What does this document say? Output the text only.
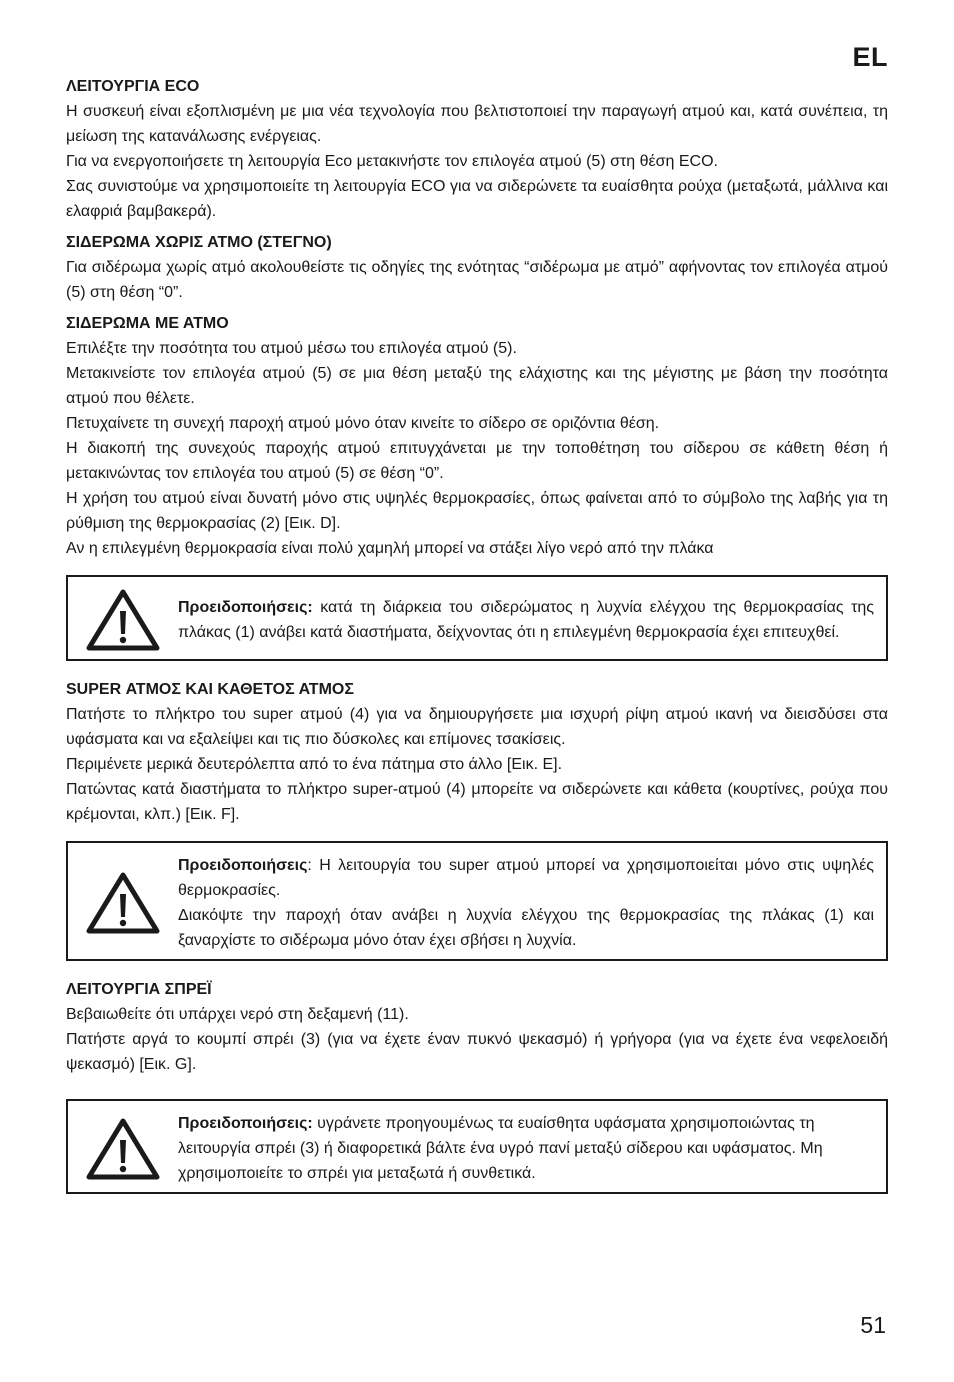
EL

ΛΕΙΤΟΥΡΓΙΑ ECO

Η συσκευή είναι εξοπλισμένη με μια νέα τεχνολογία που βελτιστοποιεί την παραγωγή ατμού και, κατά συνέπεια, τη μείωση της κατανάλωσης ενέργειας.

Για να ενεργοποιήσετε τη λειτουργία Eco μετακινήστε τον επιλογέα ατμού (5) στη θέση ECO.

Σας συνιστούμε να χρησιμοποιείτε τη λειτουργία ECO για να σιδερώνετε τα ευαίσθητα ρούχα (μεταξωτά, μάλλινα και ελαφριά βαμβακερά).

ΣΙΔΕΡΩΜΑ ΧΩΡΙΣ ΑΤΜΟ (ΣΤΕΓΝΟ)

Για σιδέρωμα χωρίς ατμό ακολουθείστε τις οδηγίες της ενότητας “σιδέρωμα με ατμό” αφήνοντας τον επιλογέα ατμού (5) στη θέση “0”.

ΣΙΔΕΡΩΜΑ ΜΕ ΑΤΜΟ

Επιλέξτε την ποσότητα του ατμού μέσω του επιλογέα ατμού (5).

Μετακινείστε τον επιλογέα ατμού (5) σε μια θέση μεταξύ της ελάχιστης και της μέγιστης με βάση την ποσότητα ατμού που θέλετε.

Πετυχαίνετε τη συνεχή παροχή ατμού μόνο όταν κινείτε το σίδερο σε οριζόντια θέση.

Η διακοπή της συνεχούς παροχής ατμού επιτυγχάνεται με την τοποθέτηση του σίδερου σε κάθετη θέση ή μετακινώντας τον επιλογέα του ατμού (5) σε θέση “0”.

Η χρήση του ατμού είναι δυνατή μόνο στις υψηλές θερμοκρασίες, όπως φαίνεται από το σύμβολο της λαβής για τη ρύθμιση της θερμοκρασίας (2) [Εικ. D].

Αν η επιλεγμένη θερμοκρασία είναι πολύ χαμηλή μπορεί να στάξει λίγο νερό από την πλάκα

Προειδοποιήσεις: κατά τη διάρκεια του σιδερώματος η λυχνία ελέγχου της θερμοκρασίας της πλάκας (1) ανάβει κατά διαστήματα, δείχνοντας ότι η επιλεγμένη θερμοκρασία έχει επιτευχθεί.

SUPER ΑΤΜΟΣ ΚΑΙ ΚΑΘΕΤΟΣ ΑΤΜΟΣ

Πατήστε το πλήκτρο του super ατμού (4) για να δημιουργήσετε μια ισχυρή ρίψη ατμού ικανή να διεισδύσει στα υφάσματα και να εξαλείψει και τις πιο δύσκολες και επίμονες τσακίσεις.

Περιμένετε μερικά δευτερόλεπτα από το ένα πάτημα στο άλλο [Εικ. E].

Πατώντας κατά διαστήματα το πλήκτρο super-ατμού (4) μπορείτε να σιδερώνετε και κάθετα (κουρτίνες, ρούχα που κρέμονται, κλπ.) [Εικ. F].

Προειδοποιήσεις: Η λειτουργία του super ατμού μπορεί να χρησιμοποιείται μόνο στις υψηλές θερμοκρασίες.
Διακόψτε την παροχή όταν ανάβει η λυχνία ελέγχου της θερμοκρασίας της πλάκας (1) και ξαναρχίστε το σιδέρωμα μόνο όταν έχει σβήσει η λυχνία.

ΛΕΙΤΟΥΡΓΙΑ ΣΠΡΕΪ

Βεβαιωθείτε ότι υπάρχει νερό στη δεξαμενή (11).

Πατήστε αργά το κουμπί σπρέι (3) (για να έχετε έναν πυκνό ψεκασμό) ή γρήγορα (για να έχετε ένα νεφελοειδή ψεκασμό) [Εικ. G].

Προειδοποιήσεις: υγράνετε προηγουμένως τα ευαίσθητα υφάσματα χρησιμοποιώντας τη λειτουργία σπρέι (3) ή διαφορετικά βάλτε ένα υγρό πανί μεταξύ σίδερου και υφάσματος. Μη χρησιμοποιείτε το σπρέι για μεταξωτά ή συνθετικά.
51
